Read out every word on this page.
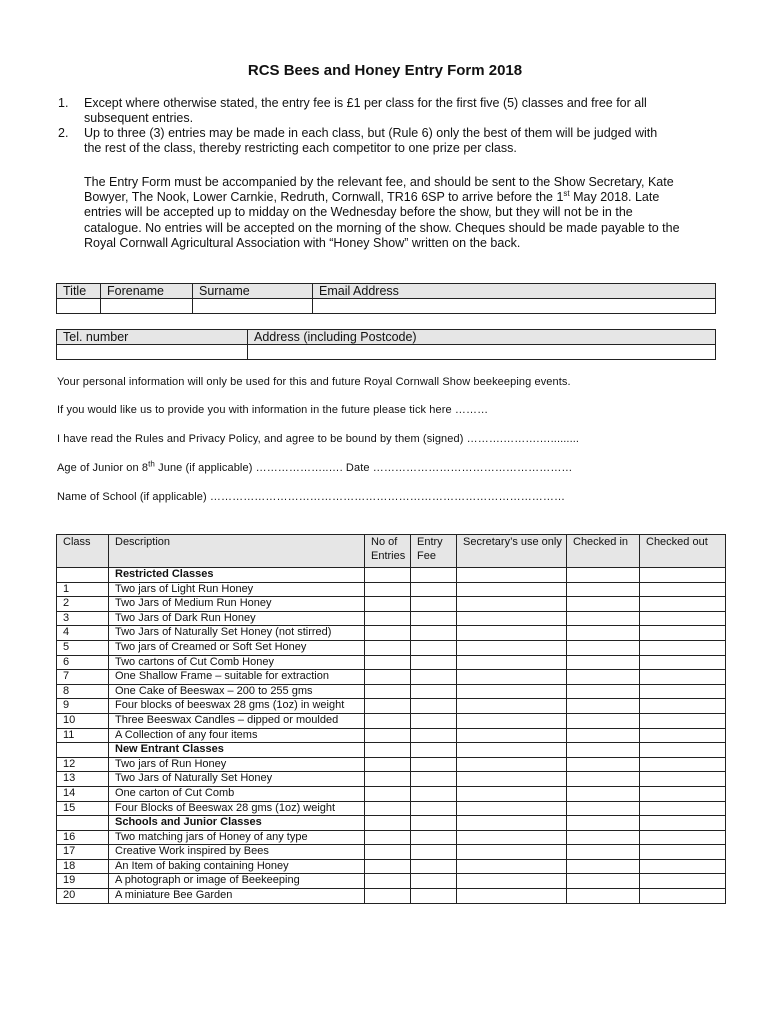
RCS Bees and Honey Entry Form 2018
1.	Except where otherwise stated, the entry fee is £1 per class for the first five (5) classes and free for all subsequent entries.
2.	Up to three (3) entries may be made in each class, but (Rule 6) only the best of them will be judged with the rest of the class, thereby restricting each competitor to one prize per class.
The Entry Form must be accompanied by the relevant fee, and should be sent to the Show Secretary, Kate Bowyer, The Nook, Lower Carnkie, Redruth, Cornwall, TR16 6SP to arrive before the 1st May 2018. Late entries will be accepted up to midday on the Wednesday before the show, but they will not be in the catalogue. No entries will be accepted on the morning of the show. Cheques should be made payable to the Royal Cornwall Agricultural Association with “Honey Show” written on the back.
Title	Forename	Surname	Email Address

Tel. number	Address (including Postcode)

Your personal information will only be used for this and future Royal Cornwall Show beekeeping events.
If you would like us to provide you with information in the future please tick here ………
I have read the Rules and Privacy Policy, and agree to be bound by them (signed) ……….……….….........
Age of Junior on 8th June (if applicable) ………………..…. Date ………………………………………………
Name of School (if applicable) ……………………………………………………………………………………
Class	Description	No of Entries	Entry Fee	Secretary’s use only	Checked in	Checked out
	Restricted Classes					
1	Two jars of Light Run Honey					
2	Two Jars of Medium Run Honey					
3	Two Jars of Dark Run Honey					
4	Two Jars of Naturally Set Honey (not stirred)					
5	Two jars of Creamed or Soft Set Honey					
6	Two cartons of Cut Comb Honey					
7	One Shallow Frame – suitable for extraction					
8	One Cake of Beeswax – 200 to 255 gms					
9	Four blocks of beeswax 28 gms (1oz) in weight					
10	Three Beeswax Candles – dipped or moulded					
11	A Collection of any four items					
	New Entrant Classes					
12	Two jars of Run Honey					
13	Two Jars of Naturally Set Honey					
14	One carton of Cut Comb					
15	Four Blocks of Beeswax 28 gms (1oz) weight					
	Schools and Junior Classes					
16	Two matching jars of Honey of any type					
17	Creative Work inspired by Bees					
18	An Item of baking containing Honey					
19	A photograph or image of Beekeeping					
20	A miniature Bee Garden					
